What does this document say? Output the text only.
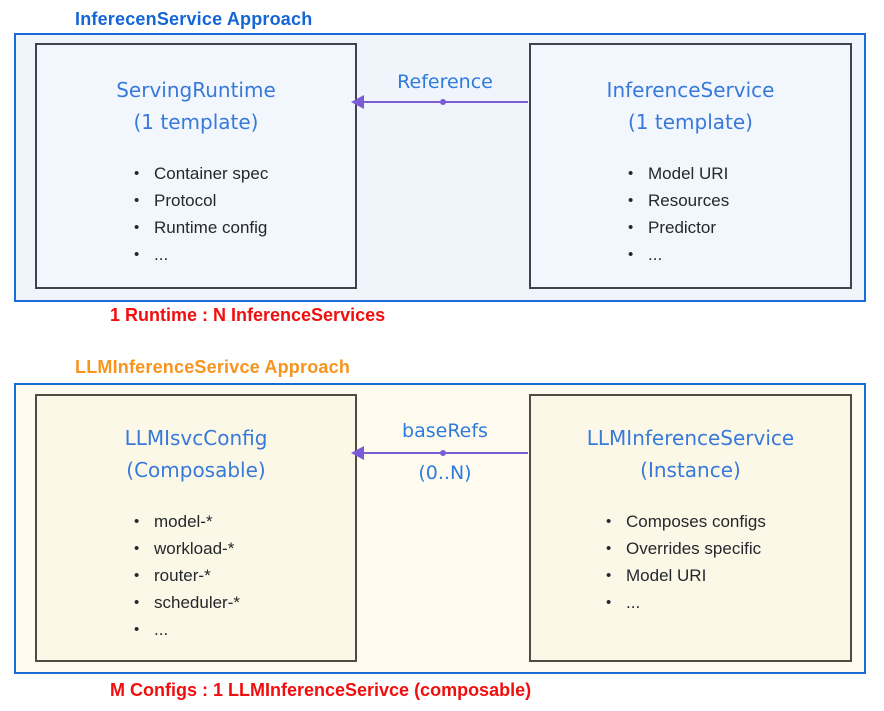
InferecenService Approach
ServingRuntime
(1 template)
• Container spec
• Protocol
• Runtime config
• ...
InferenceService
(1 template)
• Model URI
• Resources
• Predictor
• ...
Reference
1 Runtime : N InferenceServices
LLMInferenceSerivce Approach
LLMIsvcConfig
(Composable)
• model-*
• workload-*
• router-*
• scheduler-*
• ...
LLMInferenceService
(Instance)
• Composes configs
• Overrides specific
• Model URI
• ...
baseRefs
(0..N)
M Configs : 1 LLMInferenceSerivce (composable)
